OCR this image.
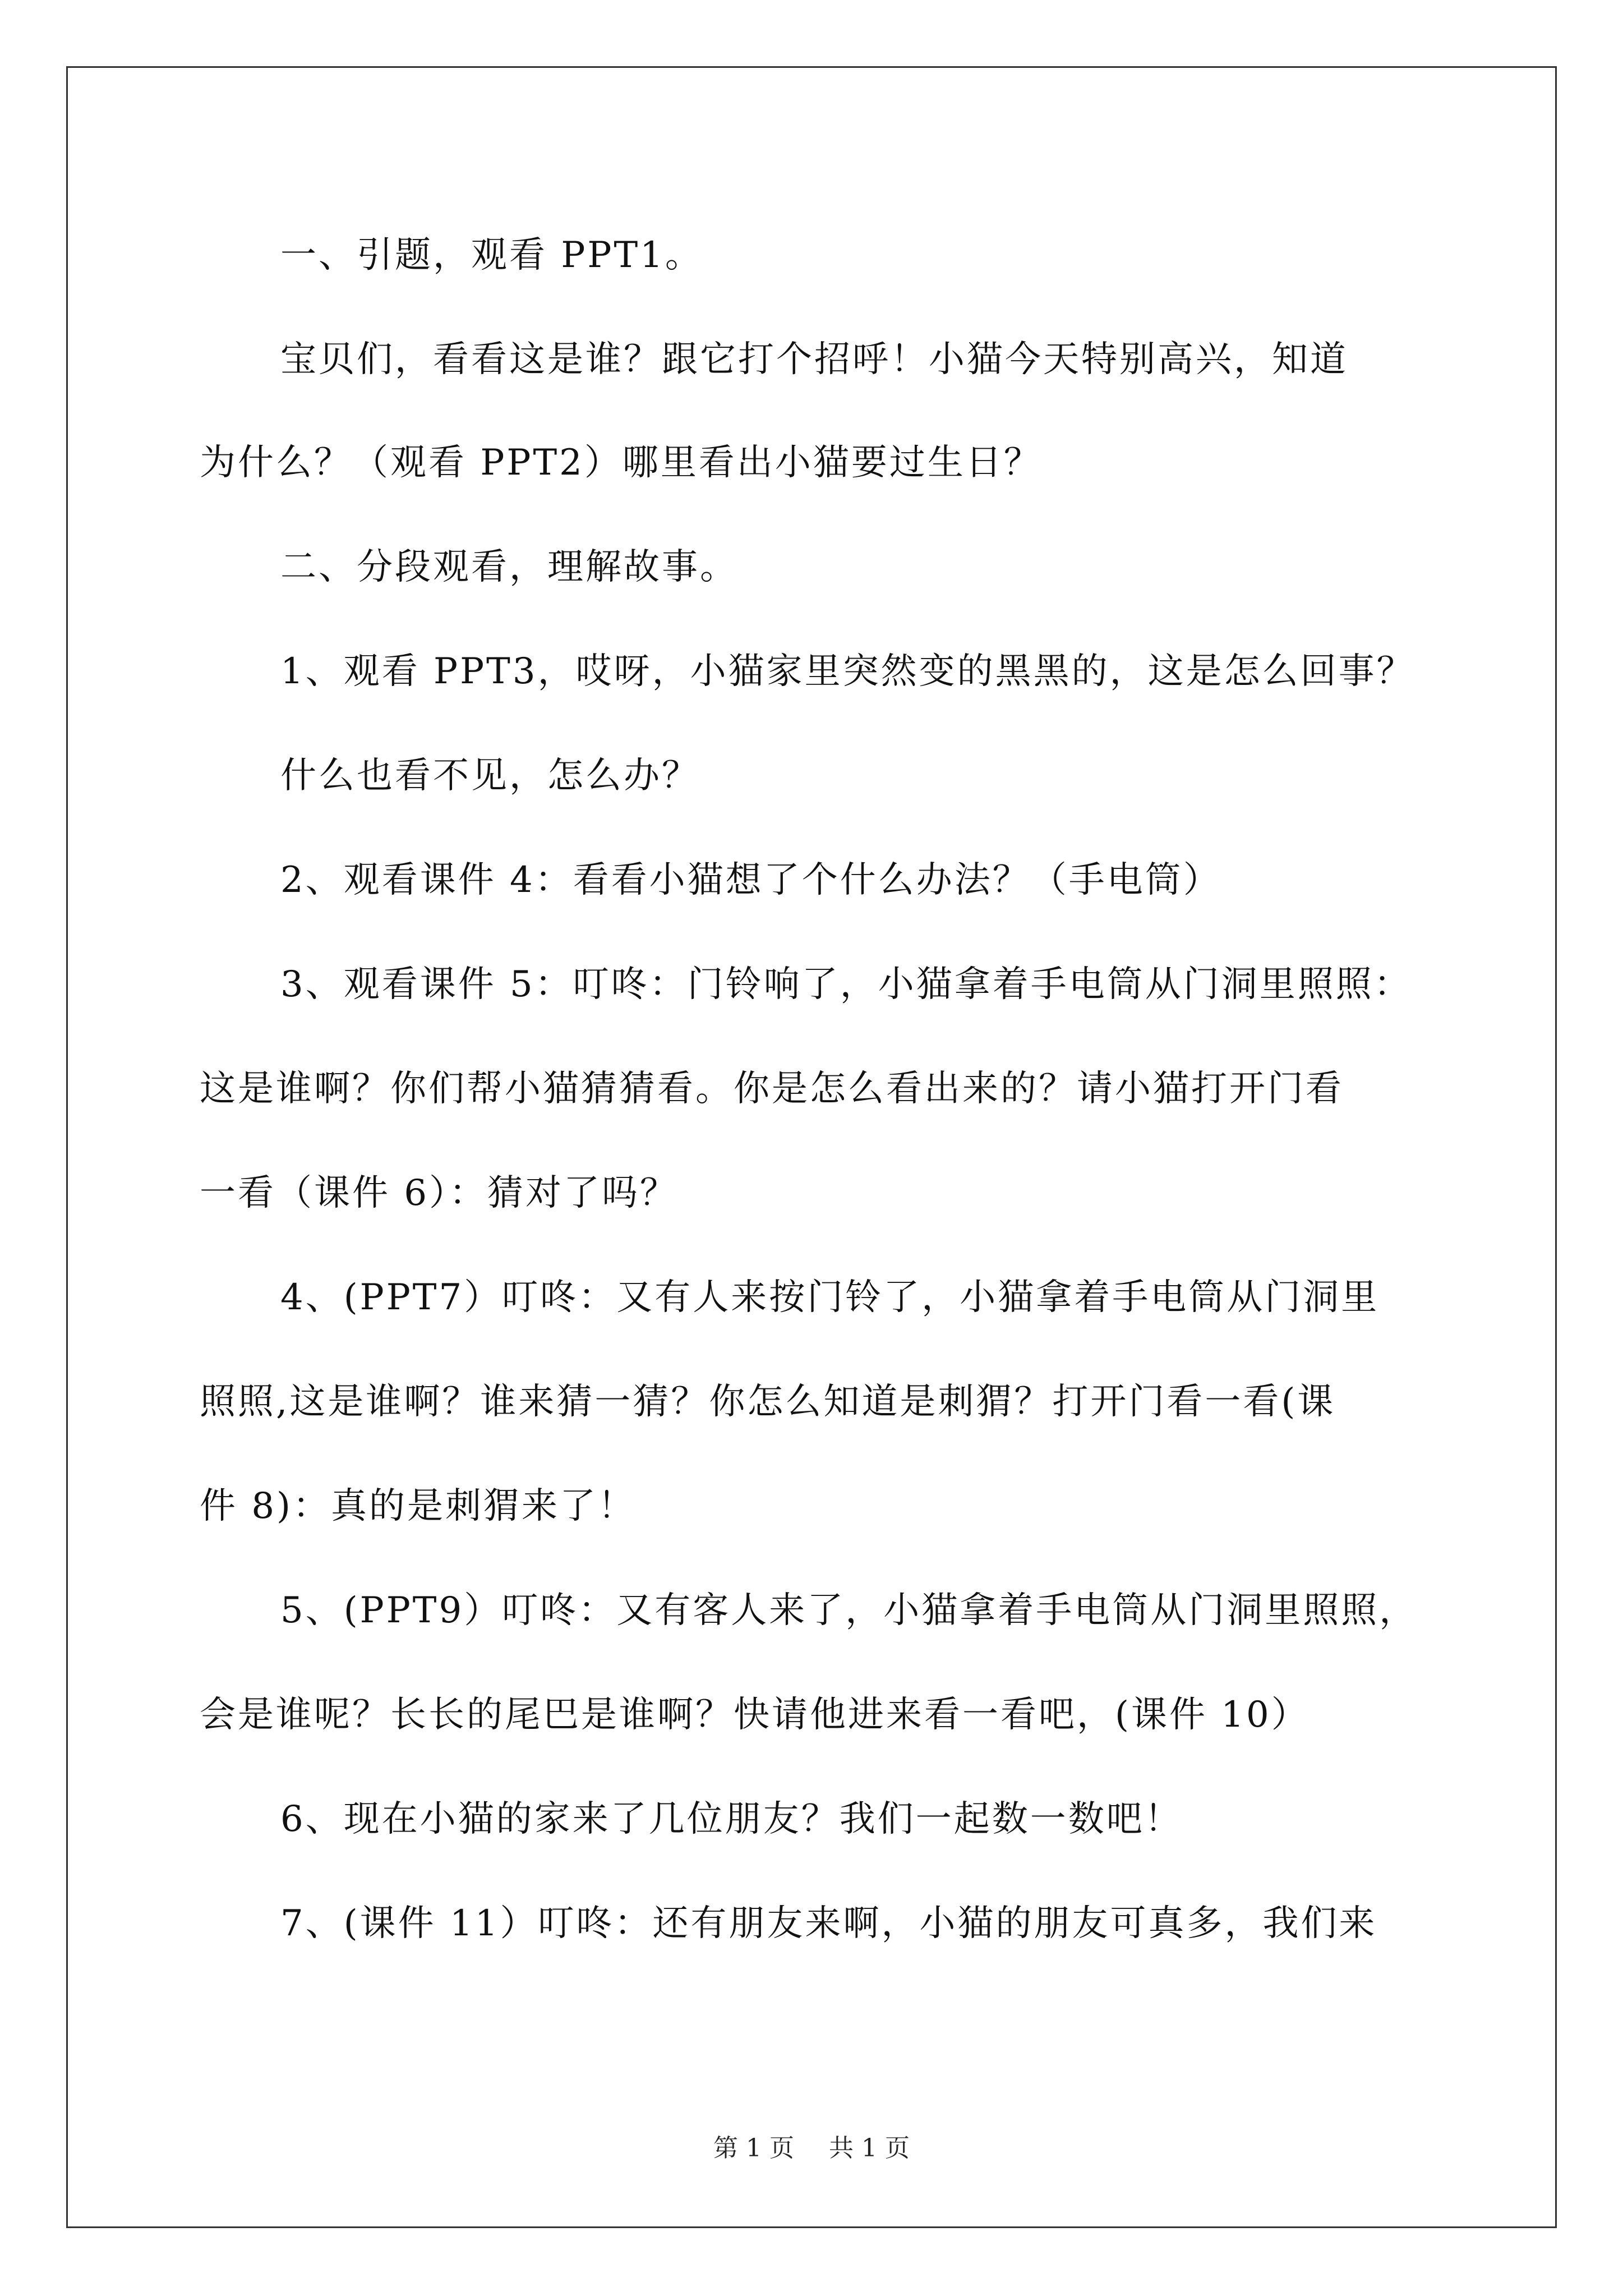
一、引题，观看 PPT1。

宝贝们，看看这是谁？跟它打个招呼！小猫今天特别高兴，知道

为什么？（观看 PPT2）哪里看出小猫要过生日？

二、分段观看，理解故事。

1、观看 PPT3，哎呀，小猫家里突然变的黑黑的，这是怎么回事？

什么也看不见，怎么办？

2、观看课件 4：看看小猫想了个什么办法？（手电筒）

3、观看课件 5：叮咚：门铃响了，小猫拿着手电筒从门洞里照照：

这是谁啊？你们帮小猫猜猜看。你是怎么看出来的？请小猫打开门看

一看（课件 6）：猜对了吗？

4、(PPT7）叮咚：又有人来按门铃了，小猫拿着手电筒从门洞里

照照,这是谁啊？谁来猜一猜？你怎么知道是刺猬？打开门看一看(课

件 8)：真的是刺猬来了！

5、(PPT9）叮咚：又有客人来了，小猫拿着手电筒从门洞里照照，

会是谁呢？长长的尾巴是谁啊？快请他进来看一看吧，(课件 10）

6、现在小猫的家来了几位朋友？我们一起数一数吧！

7、(课件 11）叮咚：还有朋友来啊，小猫的朋友可真多，我们来

第 1 页 共 1 页
